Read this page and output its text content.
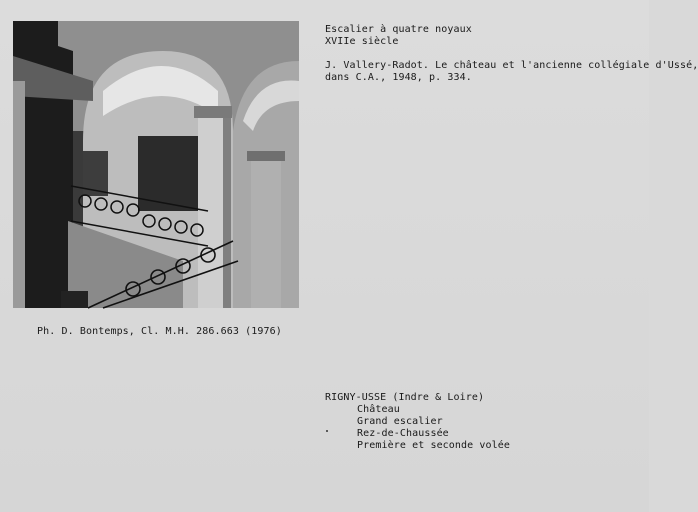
Escalier à quatre noyaux
XVIIe siècle
J. Vallery-Radot. Le château et l'ancienne collégiale d'Ussé,
dans C.A., 1948, p. 334.
Ph. D. Bontemps, Cl. M.H. 286.663 (1976)
RIGNY-USSE (Indre & Loire)
Château
Grand escalier
Rez-de-Chaussée
Première et seconde volée
